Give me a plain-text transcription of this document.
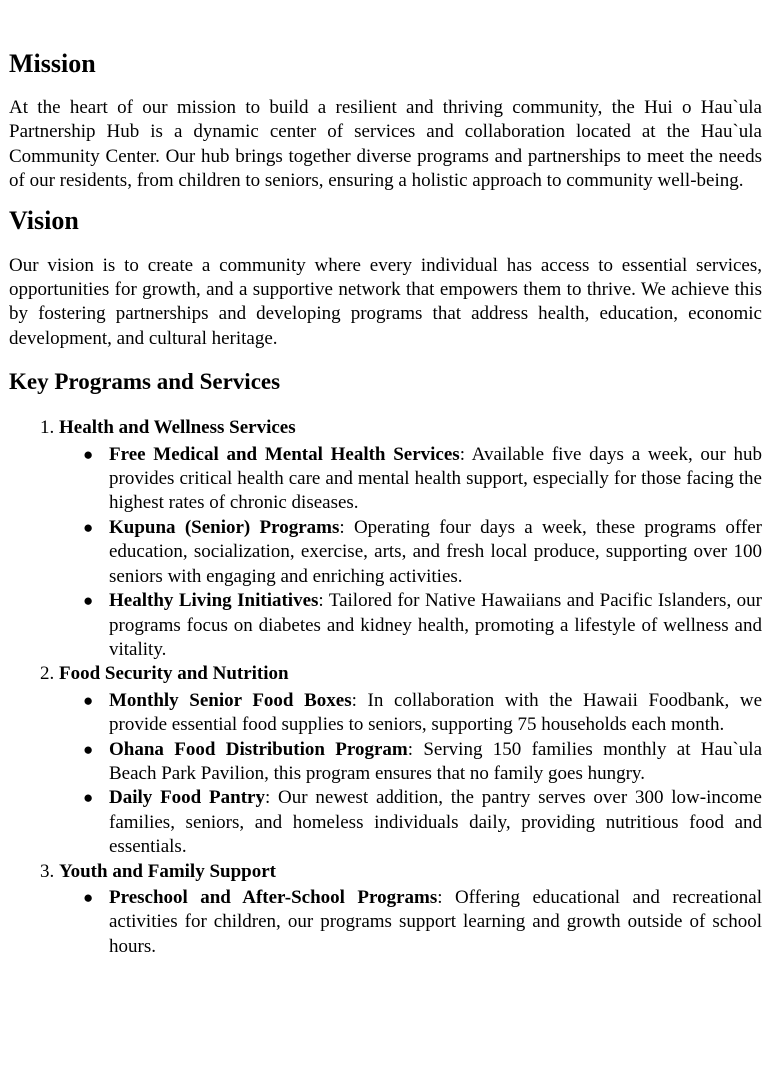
Mission

At the heart of our mission to build a resilient and thriving community, the Hui o Hau`ula Partnership Hub is a dynamic center of services and collaboration located at the Hau`ula Community Center. Our hub brings together diverse programs and partnerships to meet the needs of our residents, from children to seniors, ensuring a holistic approach to community well-being.

Vision

Our vision is to create a community where every individual has access to essential services, opportunities for growth, and a supportive network that empowers them to thrive. We achieve this by fostering partnerships and developing programs that address health, education, economic development, and cultural heritage.

Key Programs and Services
1. Health and Wellness Services
● Free Medical and Mental Health Services: Available five days a week, our hub provides critical health care and mental health support, especially for those facing the highest rates of chronic diseases.
● Kupuna (Senior) Programs: Operating four days a week, these programs offer education, socialization, exercise, arts, and fresh local produce, supporting over 100 seniors with engaging and enriching activities.
● Healthy Living Initiatives: Tailored for Native Hawaiians and Pacific Islanders, our programs focus on diabetes and kidney health, promoting a lifestyle of wellness and vitality.
2. Food Security and Nutrition
● Monthly Senior Food Boxes: In collaboration with the Hawaii Foodbank, we provide essential food supplies to seniors, supporting 75 households each month.
● Ohana Food Distribution Program: Serving 150 families monthly at Hau`ula Beach Park Pavilion, this program ensures that no family goes hungry.
● Daily Food Pantry: Our newest addition, the pantry serves over 300 low-income families, seniors, and homeless individuals daily, providing nutritious food and essentials.
3. Youth and Family Support
● Preschool and After-School Programs: Offering educational and recreational activities for children, our programs support learning and growth outside of school hours.
